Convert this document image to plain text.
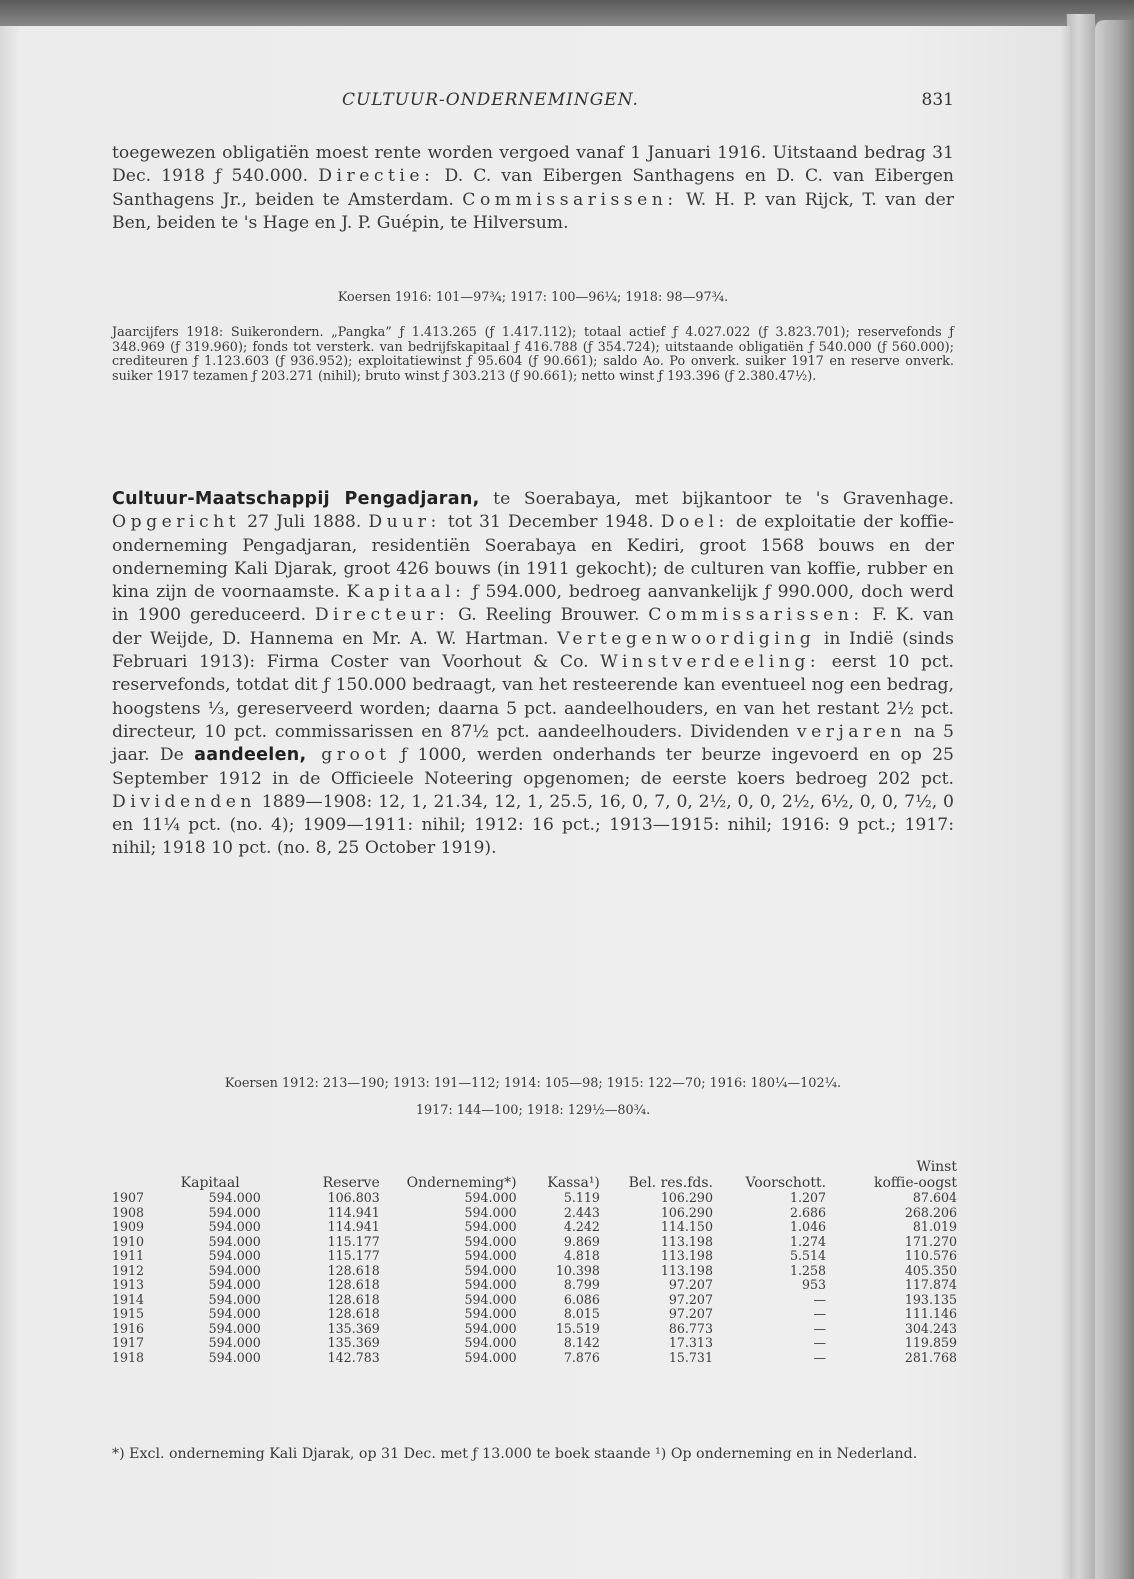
CULTUUR-ONDERNEMINGEN.	831

toegewezen obligatiën moest rente worden vergoed vanaf 1 Januari 1916. Uitstaand bedrag 31 Dec. 1918 ƒ 540.000. Directie: D. C. van Eibergen Santhagens en D. C. van Eibergen Santhagens Jr., beiden te Amsterdam. Commissarissen: W. H. P. van Rijck, T. van der Ben, beiden te 's Hage en J. P. Guépin, te Hilversum.

Koersen 1916: 101—97¾; 1917: 100—96¼; 1918: 98—97¾.

Jaarcijfers 1918: Suikerondern. „Pangka” ƒ 1.413.265 (ƒ 1.417.112); totaal actief ƒ 4.027.022 (ƒ 3.823.701); reservefonds ƒ 348.969 (ƒ 319.960); fonds tot versterk. van bedrijfskapitaal ƒ 416.788 (ƒ 354.724); uitstaande obligatiën ƒ 540.000 (ƒ 560.000); crediteuren ƒ 1.123.603 (ƒ 936.952); exploitatiewinst ƒ 95.604 (ƒ 90.661); saldo Ao. Po onverk. suiker 1917 en reserve onverk. suiker 1917 tezamen ƒ 203.271 (nihil); bruto winst ƒ 303.213 (ƒ 90.661); netto winst ƒ 193.396 (ƒ 2.380.47½).

Cultuur-Maatschappij Pengadjaran, te Soerabaya, met bijkantoor te 's Gravenhage. Opgericht 27 Juli 1888. Duur: tot 31 December 1948. Doel: de exploitatie der koffie-onderneming Pengadjaran, residentiën Soerabaya en Kediri, groot 1568 bouws en der onderneming Kali Djarak, groot 426 bouws (in 1911 gekocht); de culturen van koffie, rubber en kina zijn de voornaamste. Kapitaal: ƒ 594.000, bedroeg aanvankelijk ƒ 990.000, doch werd in 1900 gereduceerd. Directeur: G. Reeling Brouwer. Commissarissen: F. K. van der Weijde, D. Hannema en Mr. A. W. Hartman. Vertegenwoordiging in Indië (sinds Februari 1913): Firma Coster van Voorhout & Co. Winstverdeeling: eerst 10 pct. reservefonds, totdat dit ƒ 150.000 bedraagt, van het resteerende kan eventueel nog een bedrag, hoogstens ⅓, gereserveerd worden; daarna 5 pct. aandeelhouders, en van het restant 2½ pct. directeur, 10 pct. commissarissen en 87½ pct. aandeelhouders. Dividenden verjaren na 5 jaar. De aandeelen, groot ƒ 1000, werden onderhands ter beurze ingevoerd en op 25 September 1912 in de Officieele Noteering opgenomen; de eerste koers bedroeg 202 pct. Dividenden 1889—1908: 12, 1, 21.34, 12, 1, 25.5, 16, 0, 7, 0, 2½, 0, 0, 2½, 6½, 0, 0, 7½, 0 en 11¼ pct. (no. 4); 1909—1911: nihil; 1912: 16 pct.; 1913—1915: nihil; 1916: 9 pct.; 1917: nihil; 1918 10 pct. (no. 8, 25 October 1919).

Koersen 1912: 213—190; 1913: 191—112; 1914: 105—98; 1915: 122—70; 1916: 180¼—102¼.
1917: 144—100; 1918: 129½—80¾.
							Winst
	Kapitaal	Reserve	Onderneming*)	Kassa¹)	Bel. res.fds.	Voorschott.	koffie-oogst
1907	594.000	106.803	594.000	5.119	106.290	1.207	87.604
1908	594.000	114.941	594.000	2.443	106.290	2.686	268.206
1909	594.000	114.941	594.000	4.242	114.150	1.046	81.019
1910	594.000	115.177	594.000	9.869	113.198	1.274	171.270
1911	594.000	115.177	594.000	4.818	113.198	5.514	110.576
1912	594.000	128.618	594.000	10.398	113.198	1.258	405.350
1913	594.000	128.618	594.000	8.799	97.207	953	117.874
1914	594.000	128.618	594.000	6.086	97.207	—	193.135
1915	594.000	128.618	594.000	8.015	97.207	—	111.146
1916	594.000	135.369	594.000	15.519	86.773	—	304.243
1917	594.000	135.369	594.000	8.142	17.313	—	119.859
1918	594.000	142.783	594.000	7.876	15.731	—	281.768

*) Excl. onderneming Kali Djarak, op 31 Dec. met ƒ 13.000 te boek staande ¹) Op onderneming en in Nederland.
